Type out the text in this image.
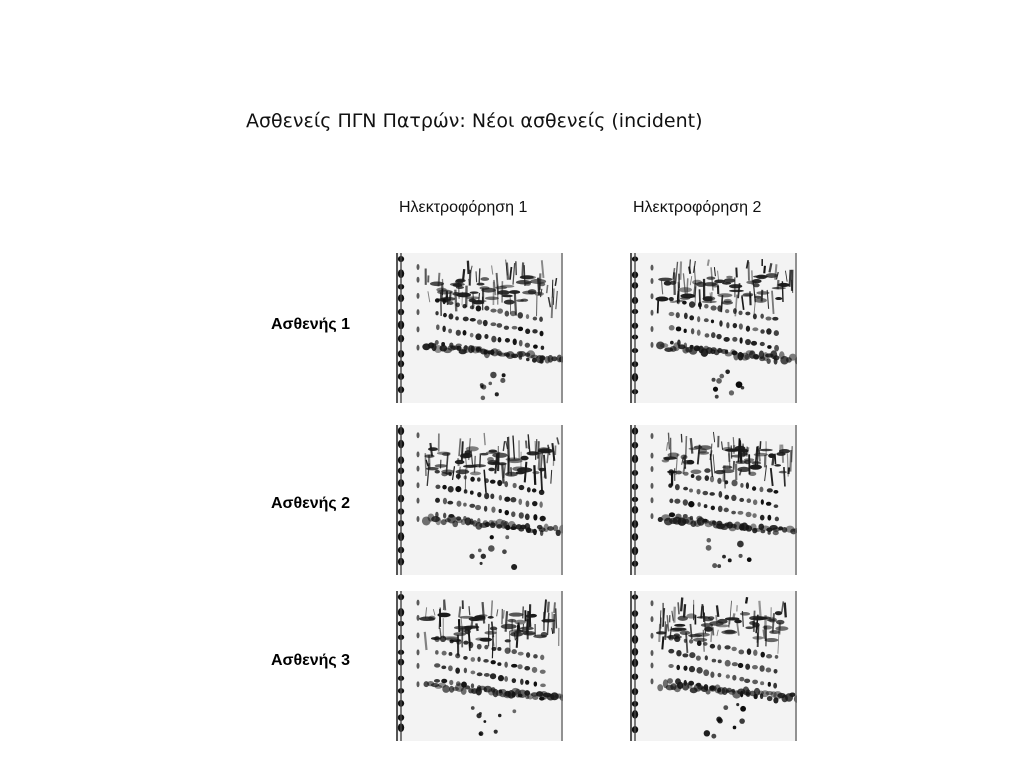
Ασθενείς ΠΓΝ Πατρών: Νέοι ασθενείς (incident)
Ηλεκτροφόρηση 1	Ηλεκτροφόρηση 2
Ασθενής 1
Ασθενής 2
Ασθενής 3
